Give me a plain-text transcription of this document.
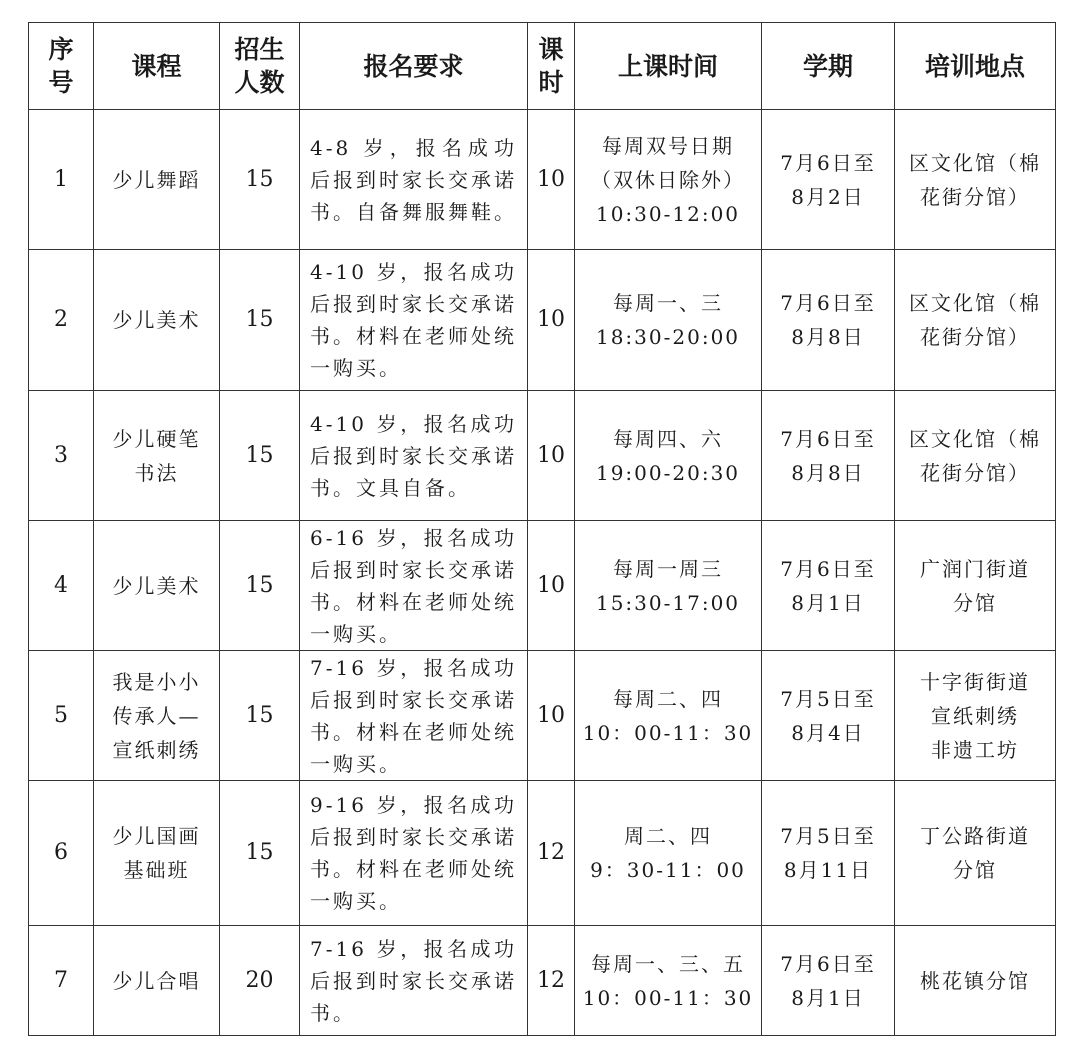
序号	课程	招生人数	报名要求	课时	上课时间	学期	培训地点
1	少儿舞蹈	15	4-8 岁，报名成功后报到时家长交承诺书。自备舞服舞鞋。	10	每周双号日期
（双休日除外）
10:30-12:00	7月6日至
8月2日	区文化馆（棉花街分馆）

2	少儿美术	15	4-10 岁，报名成功后报到时家长交承诺书。材料在老师处统一购买。	10	每周一、三
18:30-20:00	7月6日至
8月8日	区文化馆（棉花街分馆）

3	少儿硬笔
书法	15	4-10 岁，报名成功后报到时家长交承诺书。文具自备。	10	每周四、六
19:00-20:30	7月6日至
8月8日	区文化馆（棉花街分馆）

4	少儿美术	15	6-16 岁，报名成功后报到时家长交承诺书。材料在老师处统一购买。	10	每周一周三
15:30-17:00	7月6日至
8月1日	广润门街道
分馆

5	我是小小
传承人—
宣纸刺绣	15	7-16 岁，报名成功后报到时家长交承诺书。材料在老师处统一购买。	10	每周二、四
10：00-11：30	7月5日至
8月4日	十字街街道
宣纸刺绣
非遗工坊

6	少儿国画
基础班	15	9-16 岁，报名成功后报到时家长交承诺书。材料在老师处统一购买。	12	周二、四
9：30-11：00	7月5日至
8月11日	丁公路街道
分馆

7	少儿合唱	20	7-16 岁，报名成功后报到时家长交承诺书。	12	每周一、三、五
10：00-11：30	7月6日至
8月1日	桃花镇分馆
